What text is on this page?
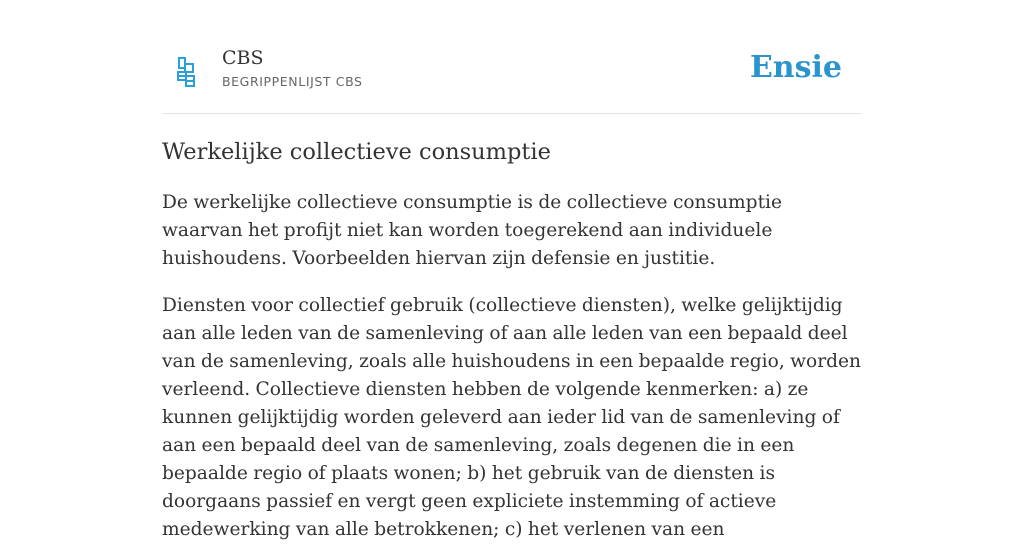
CBS
BEGRIPPENLIJST CBS	Ensie
Werkelijke collectieve consumptie

De werkelijke collectieve consumptie is de collectieve consumptie waarvan het profijt niet kan worden toegerekend aan individuele huishoudens. Voorbeelden hiervan zijn defensie en justitie.

Diensten voor collectief gebruik (collectieve diensten), welke gelijktijdig aan alle leden van de samenleving of aan alle leden van een bepaald deel van de samenleving, zoals alle huishoudens in een bepaalde regio, worden verleend. Collectieve diensten hebben de volgende kenmerken: a) ze kunnen gelijktijdig worden geleverd aan ieder lid van de samenleving of aan een bepaald deel van de samenleving, zoals degenen die in een bepaalde regio of plaats wonen; b) het gebruik van de diensten is doorgaans passief en vergt geen expliciete instemming of actieve medewerking van alle betrokkenen; c) het verlenen van een
